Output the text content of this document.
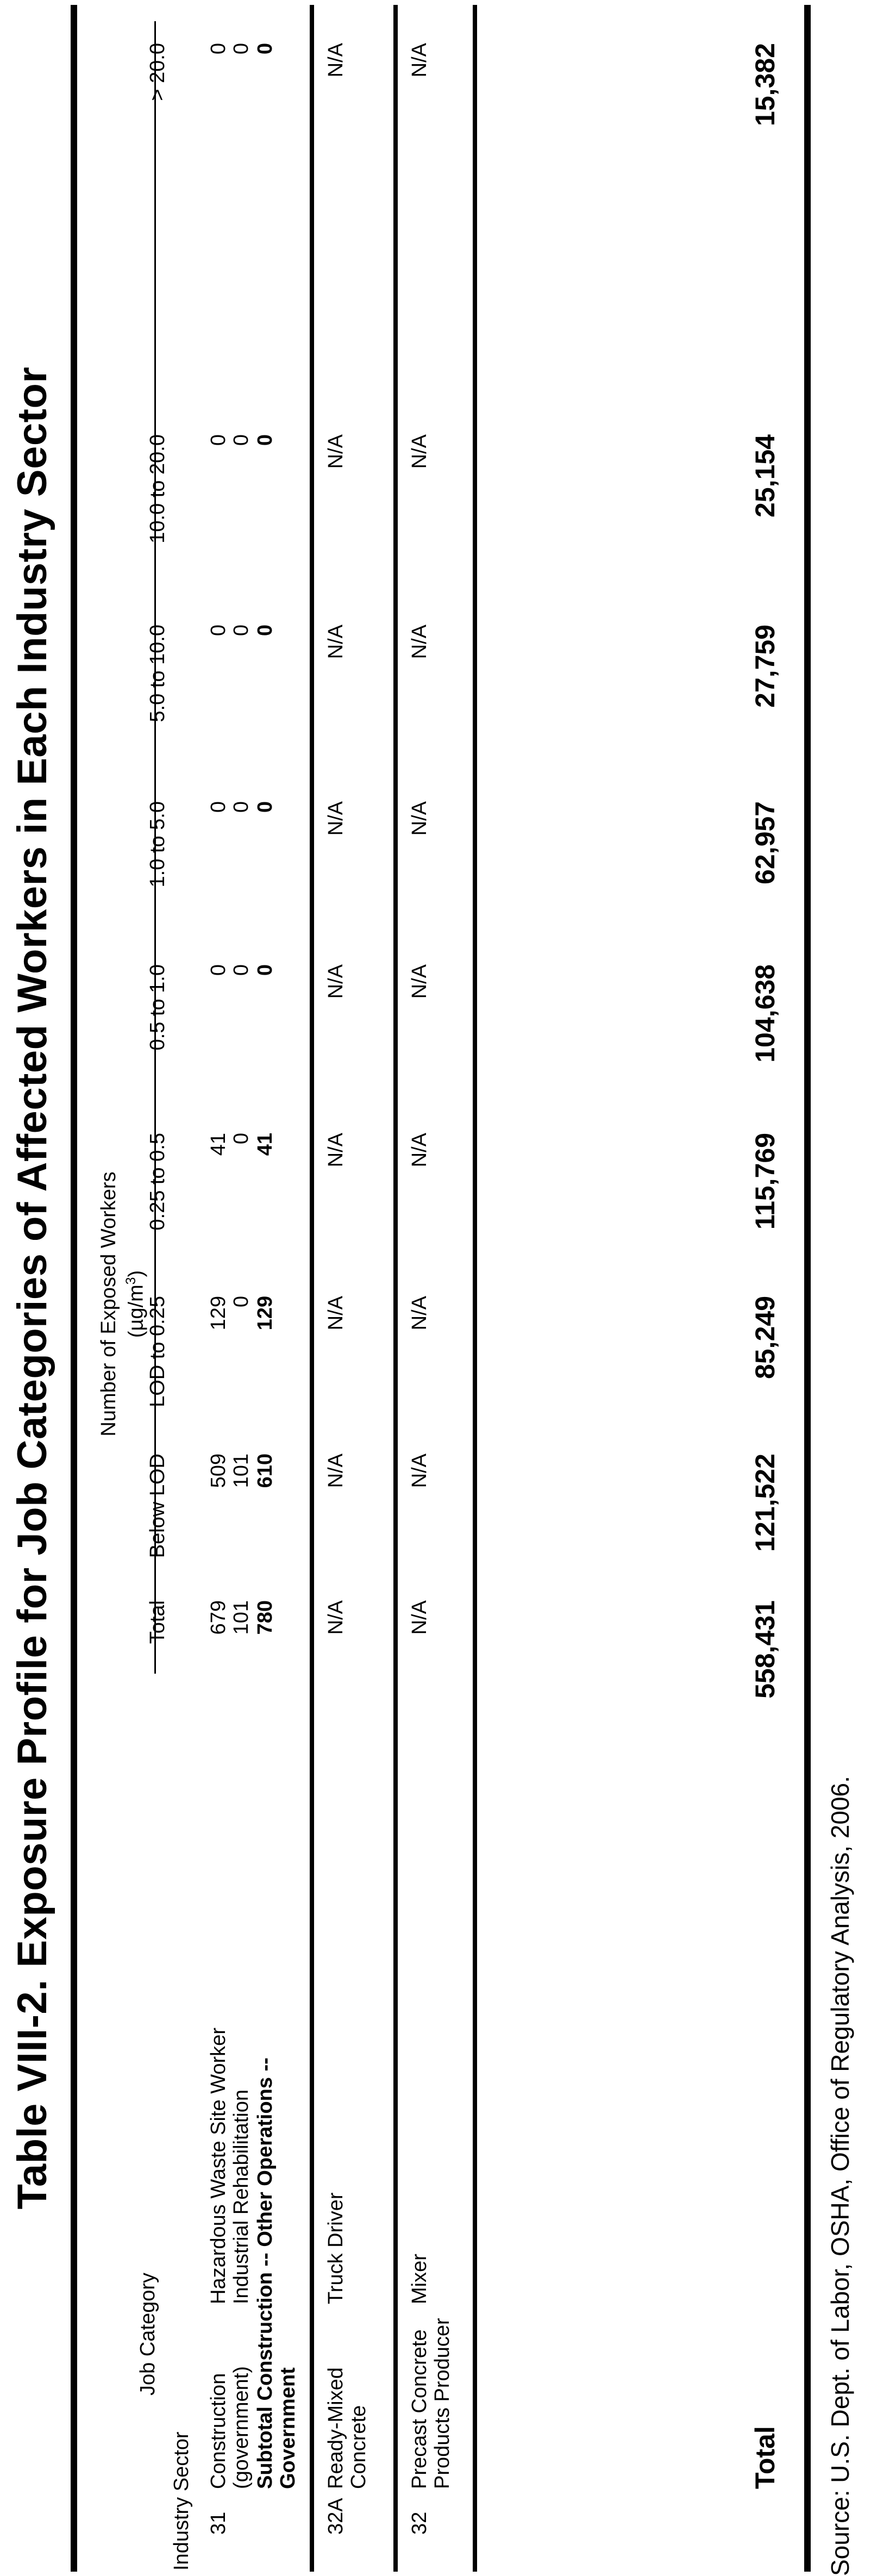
Table VIII-2. Exposure Profile for Job Categories of Affected Workers in Each Industry Sector	Number of Exposed Workers $(\mu g/m^3)$
Industry Sector
Job Category
Total
Below LOD
LOD to 0.25
0.25 to 0.5
0.5 to 1.0
1.0 to 5.0
5.0 to 10.0
10.0 to 20.0
> 20.0
31
Construction (government)
Hazardous Waste Site Worker Industrial Rehabilitation
679
509
129
41
0
0
0
0
0
101
101
0
0
0
0
0
0
0
Subtotal Construction -- Other Operations -- Government
780
610
129
41
0
0
0
0
0
32A
Ready-Mixed Concrete
Truck Driver
N/A
N/A
N/A
N/A
N/A
N/A
N/A
N/A
N/A
32
Precast Concrete Products Producer
Mixer
N/A
N/A
N/A
N/A
N/A
N/A
N/A
N/A
N/A
Total
558,431
121,522
85,249
115,769
104,638
62,957
27,759
25,154
15,382
Source: U.S. Dept. of Labor, OSHA, Office of Regulatory Analysis, 2006.
